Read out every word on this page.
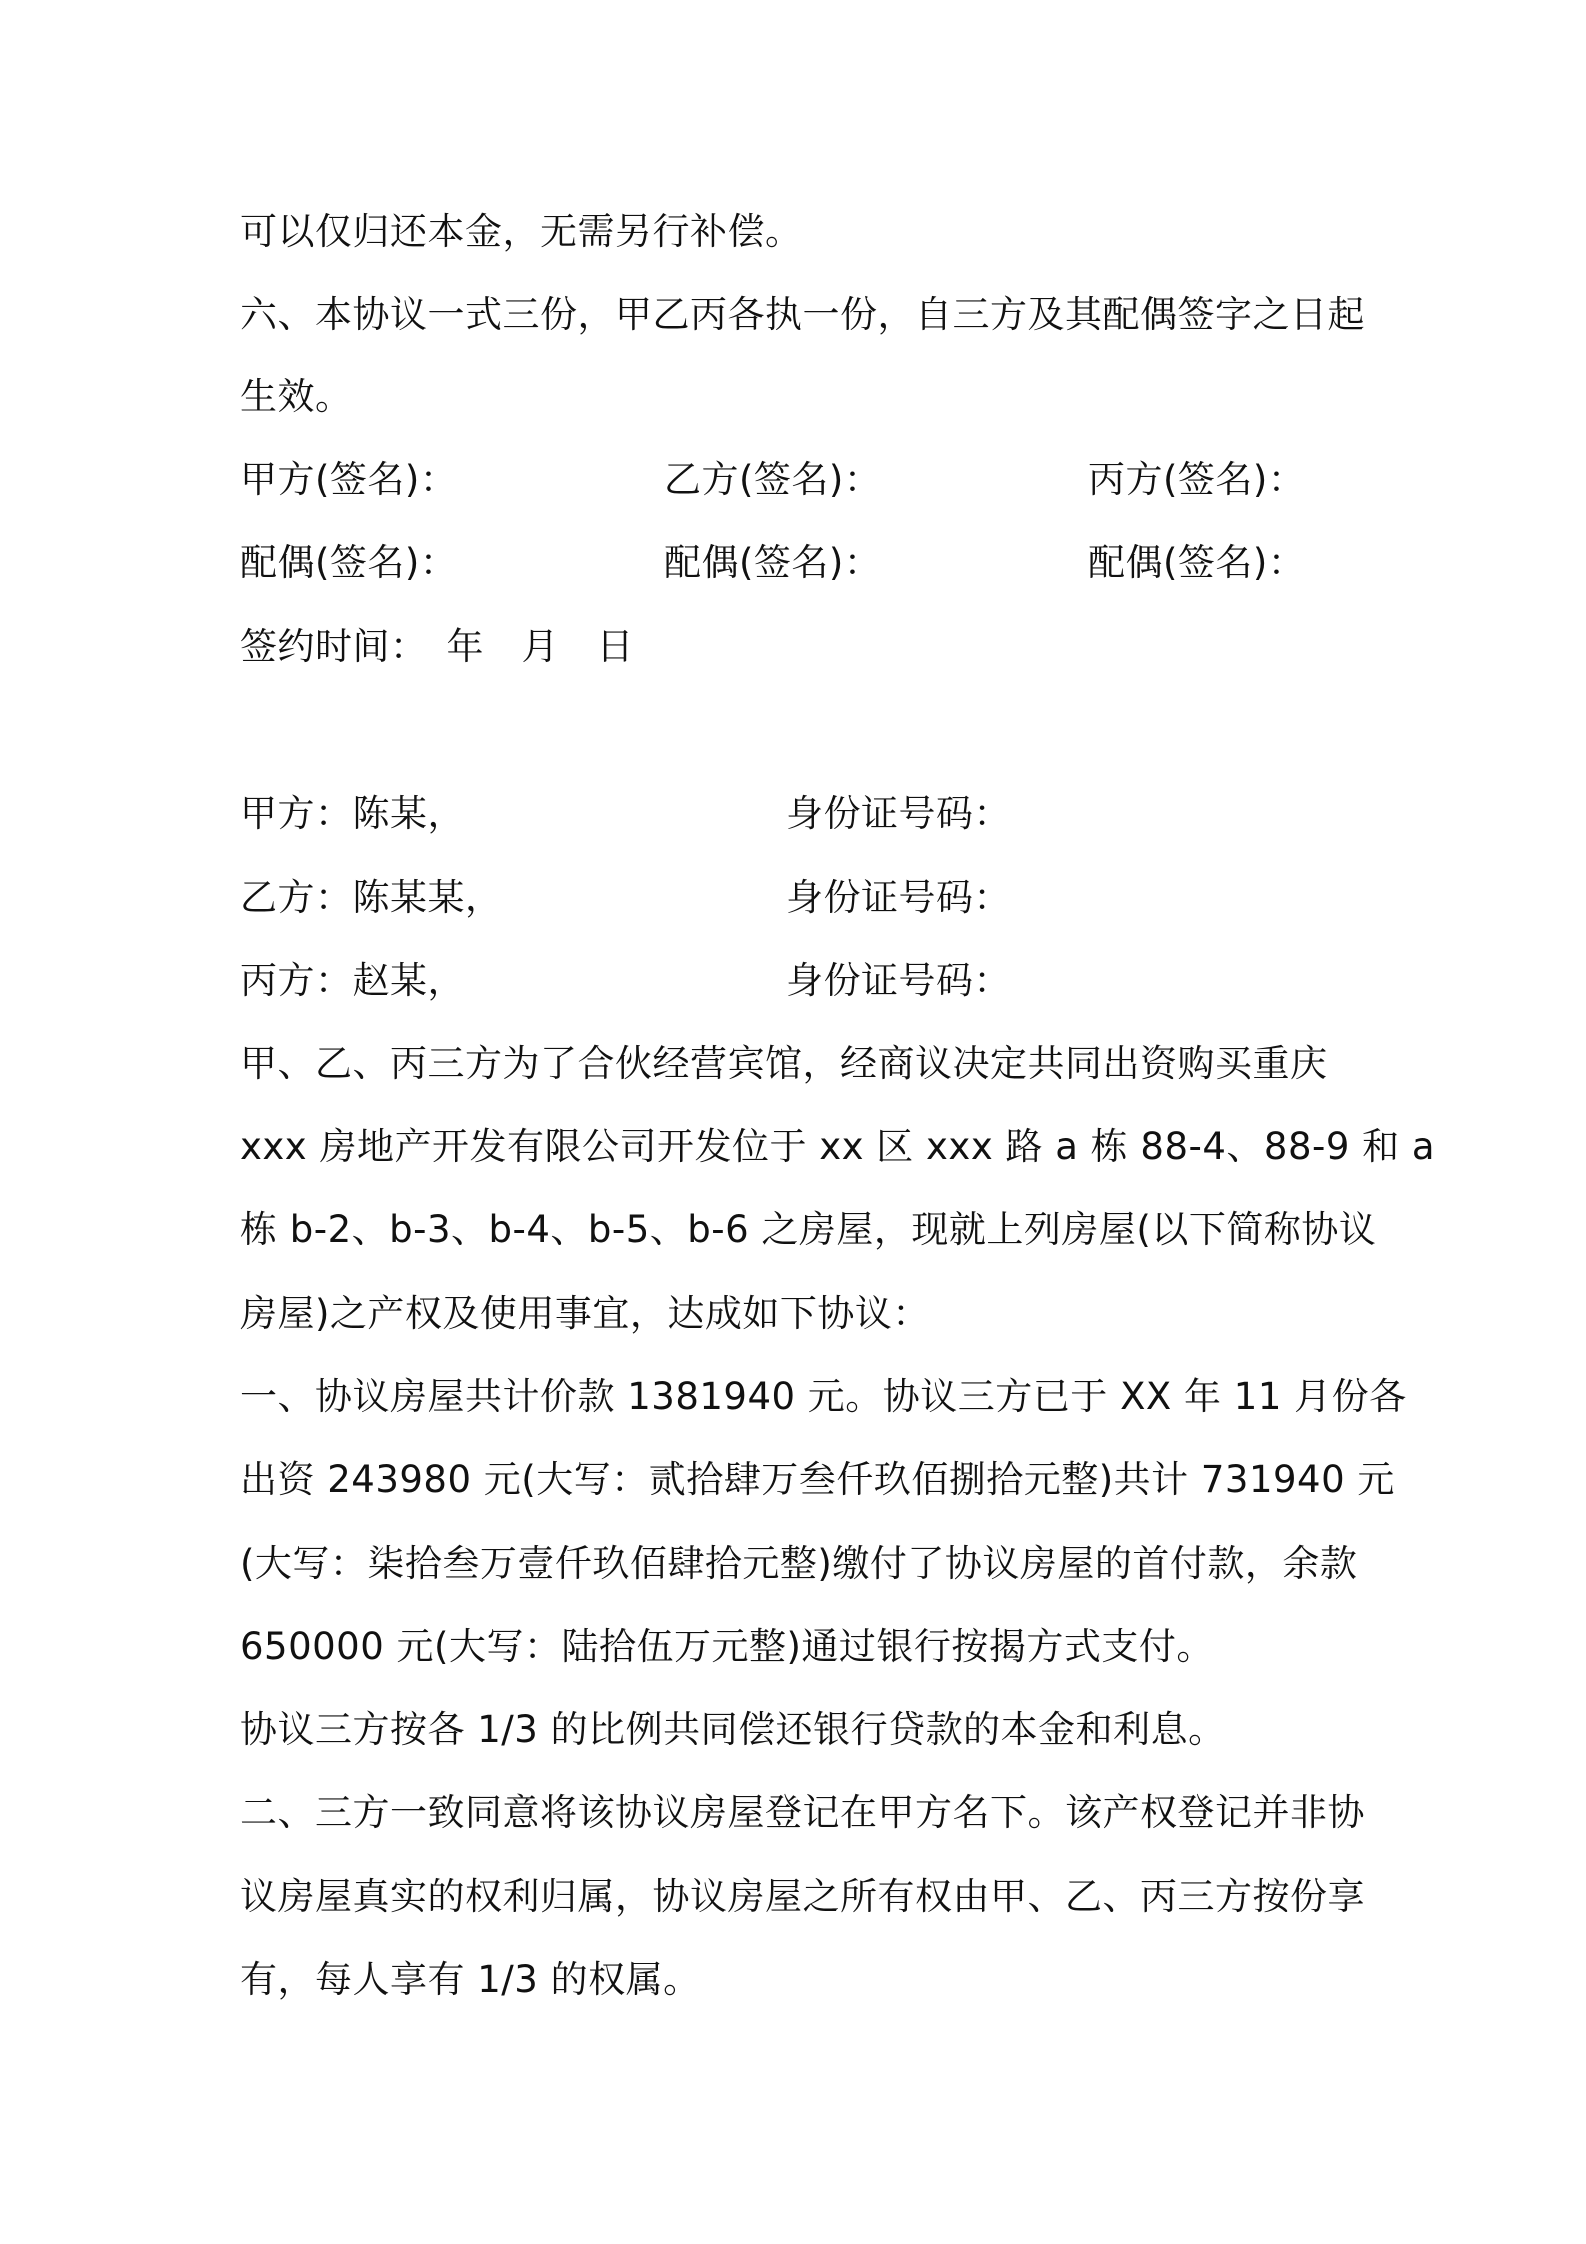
可以仅归还本金，无需另行补偿。
六、本协议一式三份，甲乙丙各执一份，自三方及其配偶签字之日起
生效。
甲方(签名)：	乙方(签名)：	丙方(签名)：
配偶(签名)：	配偶(签名)：	配偶(签名)：
签约时间：　年　月　日
甲方：陈某，	身份证号码：
乙方：陈某某，	身份证号码：
丙方：赵某，	身份证号码：
甲、乙、丙三方为了合伙经营宾馆，经商议决定共同出资购买重庆
xxx 房地产开发有限公司开发位于 xx 区 xxx 路 a 栋 88-4、88-9 和 a
栋 b-2、b-3、b-4、b-5、b-6 之房屋，现就上列房屋(以下简称协议
房屋)之产权及使用事宜，达成如下协议：
一、协议房屋共计价款 1381940 元。协议三方已于 XX 年 11 月份各
出资 243980 元(大写：贰拾肆万叁仟玖佰捌拾元整)共计 731940 元
(大写：柒拾叁万壹仟玖佰肆拾元整)缴付了协议房屋的首付款，余款
650000 元(大写：陆拾伍万元整)通过银行按揭方式支付。
协议三方按各 1/3 的比例共同偿还银行贷款的本金和利息。
二、三方一致同意将该协议房屋登记在甲方名下。该产权登记并非协
议房屋真实的权利归属，协议房屋之所有权由甲、乙、丙三方按份享
有，每人享有 1/3 的权属。
